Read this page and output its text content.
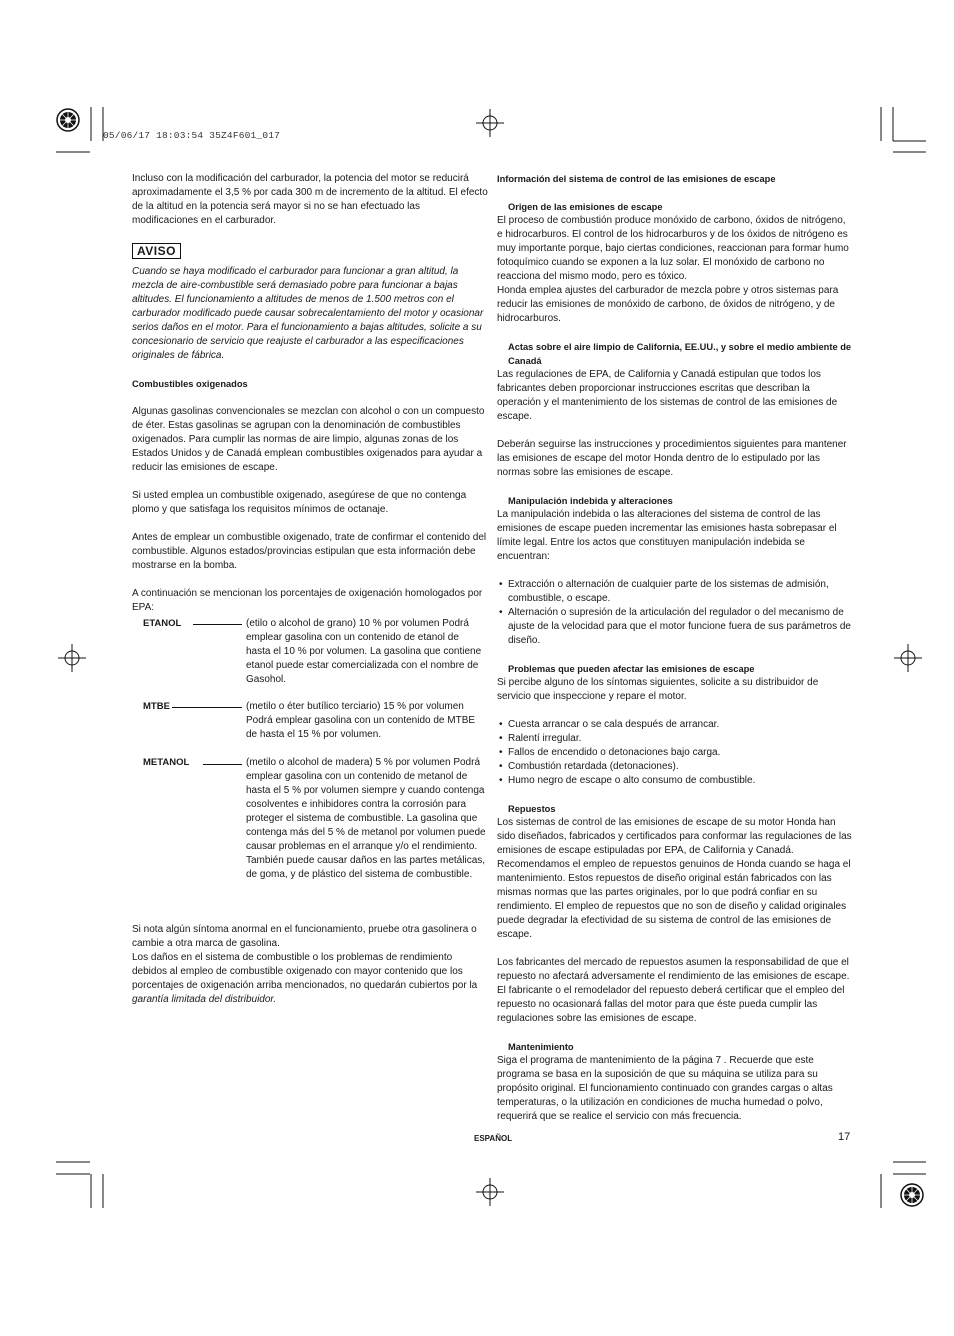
05/06/17 18:03:54 35Z4F601_017

Incluso con la modificación del carburador, la potencia del motor se reducirá aproximadamente el 3,5 % por cada 300 m de incremento de la altitud. El efecto de la altitud en la potencia será mayor si no se han efectuado las modificaciones en el carburador.

AVISO

Cuando se haya modificado el carburador para funcionar a gran altitud, la mezcla de aire-combustible será demasiado pobre para funcionar a bajas altitudes. El funcionamiento a altitudes de menos de 1.500 metros con el carburador modificado puede causar sobrecalentamiento del motor y ocasionar serios daños en el motor. Para el funcionamiento a bajas altitudes, solicite a su concesionario de servicio que reajuste el carburador a las especificaciones originales de fábrica.

Combustibles oxigenados

Algunas gasolinas convencionales se mezclan con alcohol o con un compuesto de éter. Estas gasolinas se agrupan con la denominación de combustibles oxigenados. Para cumplir las normas de aire limpio, algunas zonas de los Estados Unidos y de Canadá emplean combustibles oxigenados para ayudar a reducir las emisiones de escape.

Si usted emplea un combustible oxigenado, asegúrese de que no contenga plomo y que satisfaga los requisitos mínimos de octanaje.

Antes de emplear un combustible oxigenado, trate de confirmar el contenido del combustible. Algunos estados/provincias estipulan que esta información debe mostrarse en la bomba.

A continuación se mencionan los porcentajes de oxigenación homologados por EPA:

ETANOL	(etilo o alcohol de grano) 10 % por volumen Podrá emplear gasolina con un contenido de etanol de hasta el 10 % por volumen. La gasolina que contiene etanol puede estar comercializada con el nombre de Gasohol.
MTBE	(metilo o éter butílico terciario) 15 % por volumen Podrá emplear gasolina con un contenido de MTBE de hasta el 15 % por volumen.
METANOL	(metilo o alcohol de madera) 5 % por volumen Podrá emplear gasolina con un contenido de metanol de hasta el 5 % por volumen siempre y cuando contenga cosolventes e inhibidores contra la corrosión para proteger el sistema de combustible. La gasolina que contenga más del 5 % de metanol por volumen puede causar problemas en el arranque y/o el rendimiento. También puede causar daños en las partes metálicas, de goma, y de plástico del sistema de combustible.

Si nota algún síntoma anormal en el funcionamiento, pruebe otra gasolinera o cambie a otra marca de gasolina.

Los daños en el sistema de combustible o los problemas de rendimiento debidos al empleo de combustible oxigenado con mayor contenido que los porcentajes de oxigenación arriba mencionados, no quedarán cubiertos por la garantía limitada del distribuidor.

Información del sistema de control de las emisiones de escape

Origen de las emisiones de escape

El proceso de combustión produce monóxido de carbono, óxidos de nitrógeno, e hidrocarburos. El control de los hidrocarburos y de los óxidos de nitrógeno es muy importante porque, bajo ciertas condiciones, reaccionan para formar humo fotoquímico cuando se exponen a la luz solar. El monóxido de carbono no reacciona del mismo modo, pero es tóxico.

Honda emplea ajustes del carburador de mezcla pobre y otros sistemas para reducir las emisiones de monóxido de carbono, de óxidos de nitrógeno, y de hidrocarburos.

Actas sobre el aire limpio de California, EE.UU., y sobre el medio ambiente de Canadá

Las regulaciones de EPA, de California y Canadá estipulan que todos los fabricantes deben proporcionar instrucciones escritas que describan la operación y el mantenimiento de los sistemas de control de las emisiones de escape.

Deberán seguirse las instrucciones y procedimientos siguientes para mantener las emisiones de escape del motor Honda dentro de lo estipulado por las normas sobre las emisiones de escape.

Manipulación indebida y alteraciones

La manipulación indebida o las alteraciones del sistema de control de las emisiones de escape pueden incrementar las emisiones hasta sobrepasar el límite legal. Entre los actos que constituyen manipulación indebida se encuentran:

• Extracción o alternación de cualquier parte de los sistemas de admisión, combustible, o escape.

• Alternación o supresión de la articulación del regulador o del mecanismo de ajuste de la velocidad para que el motor funcione fuera de sus parámetros de diseño.

Problemas que pueden afectar las emisiones de escape

Si percibe alguno de los síntomas siguientes, solicite a su distribuidor de servicio que inspeccione y repare el motor.

• Cuesta arrancar o se cala después de arrancar.

• Ralentí irregular.

• Fallos de encendido o detonaciones bajo carga.

• Combustión retardada (detonaciones).

• Humo negro de escape o alto consumo de combustible.

Repuestos

Los sistemas de control de las emisiones de escape de su motor Honda han sido diseñados, fabricados y certificados para conformar las regulaciones de las emisiones de escape estipuladas por EPA, de California y Canadá. Recomendamos el empleo de repuestos genuinos de Honda cuando se haga el mantenimiento. Estos repuestos de diseño original están fabricados con las mismas normas que las partes originales, por lo que podrá confiar en su rendimiento. El empleo de repuestos que no son de diseño y calidad originales puede degradar la efectividad de su sistema de control de las emisiones de escape.

Los fabricantes del mercado de repuestos asumen la responsabilidad de que el repuesto no afectará adversamente el rendimiento de las emisiones de escape. El fabricante o el remodelador del repuesto deberá certificar que el empleo del repuesto no ocasionará fallas del motor para que éste pueda cumplir las regulaciones sobre las emisiones de escape.

Mantenimiento

Siga el programa de mantenimiento de la página 7 . Recuerde que este programa se basa en la suposición de que su máquina se utiliza para su propósito original. El funcionamiento continuado con grandes cargas o altas temperaturas, o la utilización en condiciones de mucha humedad o polvo, requerirá que se realice el servicio con más frecuencia.

ESPAÑOL	17
